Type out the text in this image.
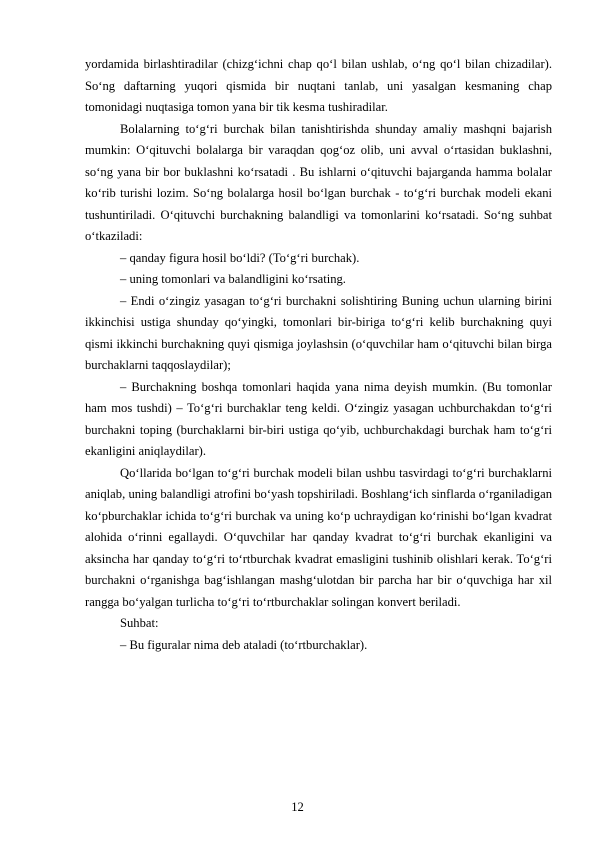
yordamida birlashtiradilar (chizg‘ichni chap qo‘l bilan ushlab, o‘ng qo‘l bilan chizadilar). So‘ng daftarning yuqori qismida bir nuqtani tanlab, uni yasalgan kesmaning chap tomonidagi nuqtasiga tomon yana bir tik kesma tushiradilar.

Bolalarning to‘g‘ri burchak bilan tanishtirishda shunday amaliy mashqni bajarish mumkin: O‘qituvchi bolalarga bir varaqdan qog‘oz olib, uni avval o‘rtasidan buklashni, so‘ng yana bir bor buklashni ko‘rsatadi . Bu ishlarni o‘qituvchi bajarganda hamma bolalar ko‘rib turishi lozim. So‘ng bolalarga hosil bo‘lgan burchak - to‘g‘ri burchak modeli ekani tushuntiriladi. O‘qituvchi burchakning balandligi va tomonlarini ko‘rsatadi. So‘ng suhbat o‘tkaziladi:

– qanday figura hosil bo‘ldi? (To‘g‘ri burchak).

– uning tomonlari va balandligini ko‘rsating.

– Endi o‘zingiz yasagan to‘g‘ri burchakni solishtiring Buning uchun ularning birini ikkinchisi ustiga shunday qo‘yingki, tomonlari bir-biriga to‘g‘ri kelib burchakning quyi qismi ikkinchi burchakning quyi qismiga joylashsin (o‘quvchilar ham o‘qituvchi bilan birga burchaklarni taqqoslaydilar);

– Burchakning boshqa tomonlari haqida yana nima deyish mumkin. (Bu tomonlar ham mos tushdi) – To‘g‘ri burchaklar teng keldi. O‘zingiz yasagan uchburchakdan to‘g‘ri burchakni toping (burchaklarni bir-biri ustiga qo‘yib, uchburchakdagi burchak ham to‘g‘ri ekanligini aniqlaydilar).

Qo‘llarida bo‘lgan to‘g‘ri burchak modeli bilan ushbu tasvirdagi to‘g‘ri burchaklarni aniqlab, uning balandligi atrofini bo‘yash topshiriladi. Boshlang‘ich sinflarda o‘rganiladigan ko‘pburchaklar ichida to‘g‘ri burchak va uning ko‘p uchraydigan ko‘rinishi bo‘lgan kvadrat alohida o‘rinni egallaydi. O‘quvchilar har qanday kvadrat to‘g‘ri burchak ekanligini va aksincha har qanday to‘g‘ri to‘rtburchak kvadrat emasligini tushinib olishlari kerak. To‘g‘ri burchakni o‘rganishga bag‘ishlangan mashg‘ulotdan bir parcha har bir o‘quvchiga har xil rangga bo‘yalgan turlicha to‘g‘ri to‘rtburchaklar solingan konvert beriladi.

Suhbat:

– Bu figuralar nima deb ataladi (to‘rtburchaklar).

12
